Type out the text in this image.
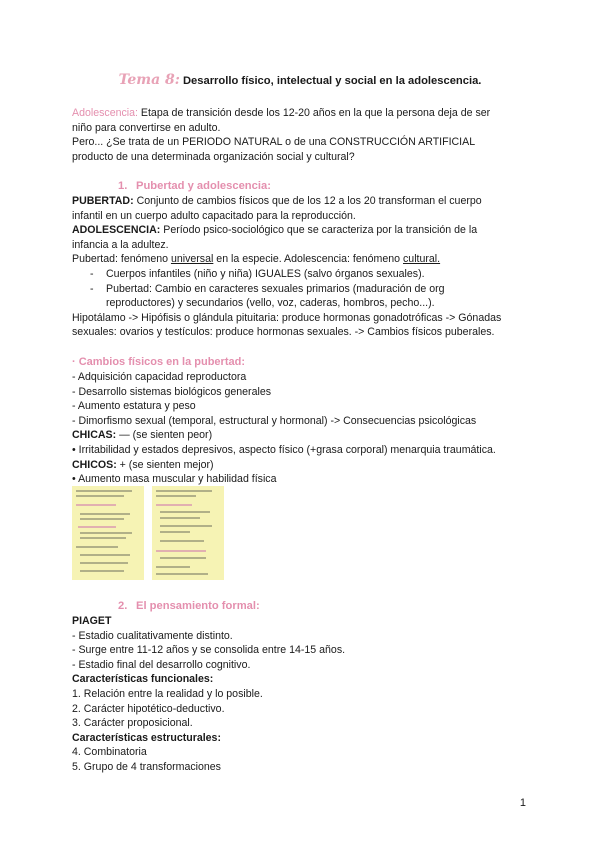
Tema 8: Desarrollo físico, intelectual y social en la adolescencia.
Adolescencia: Etapa de transición desde los 12-20 años en la que la persona deja de ser
niño para convertirse en adulto.
Pero... ¿Se trata de un PERIODO NATURAL o de una CONSTRUCCIÓN ARTIFICIAL
producto de una determinada organización social y cultural?
1. Pubertad y adolescencia:
PUBERTAD: Conjunto de cambios físicos que de los 12 a los 20 transforman el cuerpo
infantil en un cuerpo adulto capacitado para la reproducción.
ADOLESCENCIA: Período psico-sociológico que se caracteriza por la transición de la
infancia a la adultez.
Pubertad: fenómeno universal en la especie. Adolescencia: fenómeno cultural.
- Cuerpos infantiles (niño y niña) IGUALES (salvo órganos sexuales).
- Pubertad: Cambio en caracteres sexuales primarios (maduración de org
reproductores) y secundarios (vello, voz, caderas, hombros, pecho...).
Hipotálamo -> Hipófisis o glándula pituitaria: produce hormonas gonadotróficas -> Gónadas
sexuales: ovarios y testículos: produce hormonas sexuales. -> Cambios físicos puberales.
· Cambios físicos en la pubertad:
- Adquisición capacidad reproductora
- Desarrollo sistemas biológicos generales
- Aumento estatura y peso
- Dimorfismo sexual (temporal, estructural y hormonal) -> Consecuencias psicológicas
CHICAS: — (se sienten peor)
• Irritabilidad y estados depresivos, aspecto físico (+grasa corporal) menarquia traumática.
CHICOS: + (se sienten mejor)
• Aumento masa muscular y habilidad física
2. El pensamiento formal:
PIAGET
- Estadio cualitativamente distinto.
- Surge entre 11-12 años y se consolida entre 14-15 años.
- Estadio final del desarrollo cognitivo.
Características funcionales:
1. Relación entre la realidad y lo posible.
2. Carácter hipotético-deductivo.
3. Carácter proposicional.
Características estructurales:
4. Combinatoria
5. Grupo de 4 transformaciones
1
